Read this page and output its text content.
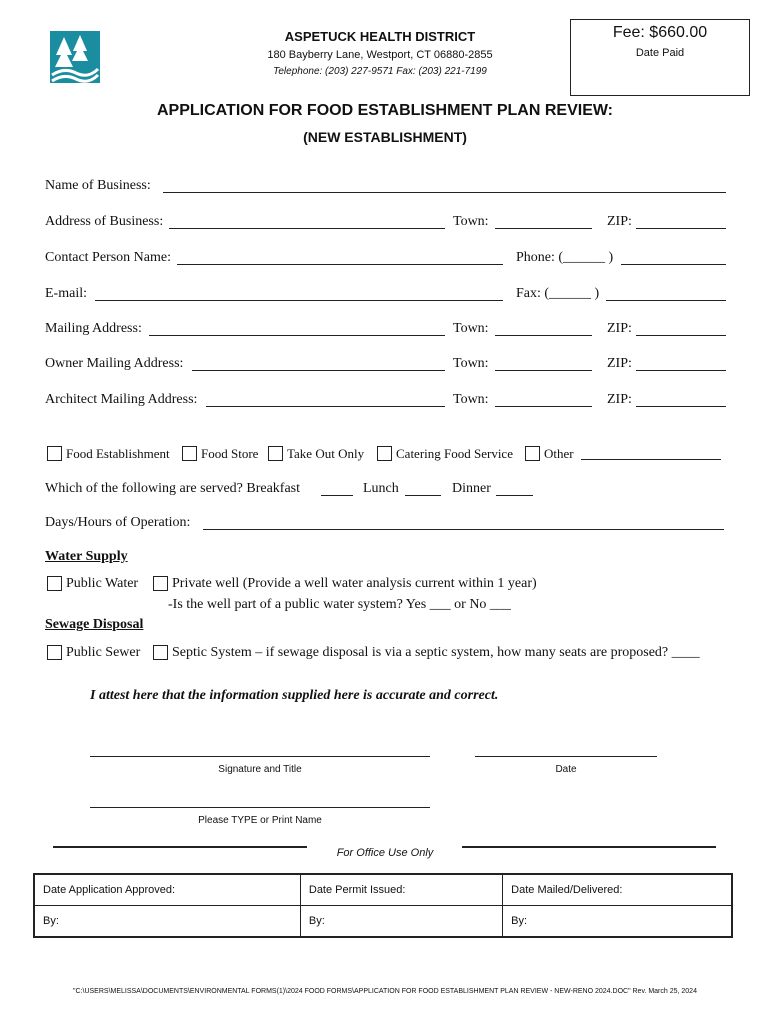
ASPETUCK HEALTH DISTRICT
180 Bayberry Lane, Westport, CT 06880-2855
Telephone: (203) 227-9571 Fax: (203) 221-7199
Fee: $660.00
Date Paid
APPLICATION FOR FOOD ESTABLISHMENT PLAN REVIEW:
(NEW ESTABLISHMENT)
Name of Business:
Address of Business:	Town:	ZIP:
Contact Person Name:	Phone: (______ )
E-mail:	Fax: (______ )
Mailing Address:	Town:	ZIP:
Owner Mailing Address:	Town:	ZIP:
Architect Mailing Address:	Town:	ZIP:
Food Establishment Food Store Take Out Only Catering Food Service Other
Which of the following are served? Breakfast	Lunch	Dinner
Days/Hours of Operation:
Water Supply
Public Water Private well (Provide a well water analysis current within 1 year)
-Is the well part of a public water system? Yes ___ or No ___
Sewage Disposal
Public Sewer Septic System – if sewage disposal is via a septic system, how many seats are proposed? ____
I attest here that the information supplied here is accurate and correct.
Signature and Title	Date
Please TYPE or Print Name
For Office Use Only
Date Application Approved:	Date Permit Issued:	Date Mailed/Delivered:
By:	By:	By:
"C:\USERS\MELISSA\DOCUMENTS\ENVIRONMENTAL FORMS(1)\2024 FOOD FORMS\APPLICATION FOR FOOD ESTABLISHMENT PLAN REVIEW - NEW-RENO 2024.DOC" Rev. March 25, 2024
